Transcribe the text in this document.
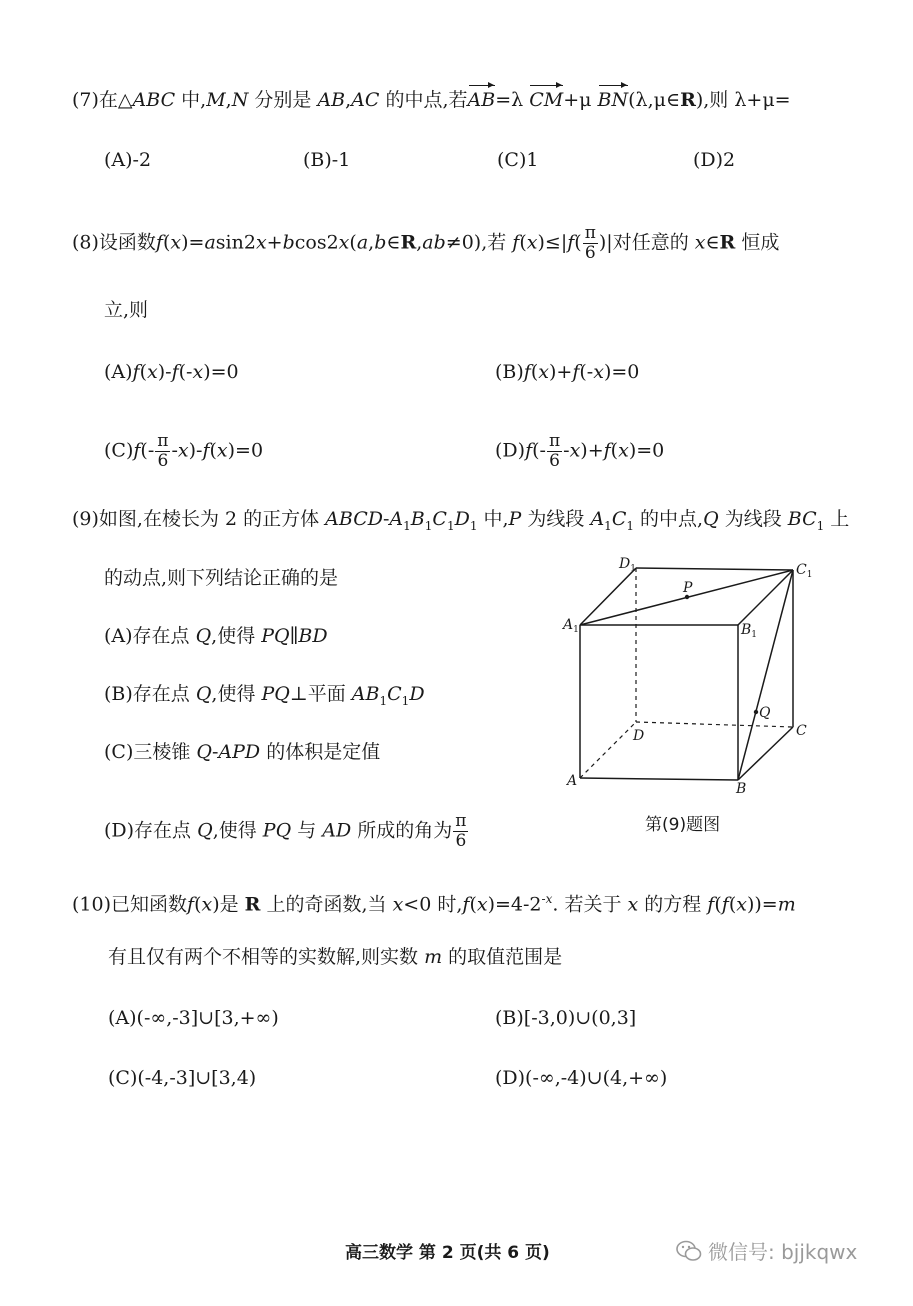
(7)在△ABC 中,M,N 分别是 AB,AC 的中点,若AB=λ CM+μ BN(λ,μ∈R),则 λ+μ=
(A)-2	(B)-1	(C)1	(D)2
(8)设函数f(x)=asin2x+bcos2x(a,b∈R,ab≠0),若 $f(x)\le|f( \frac{\pi}{6}$ )|对任意的 x∈R 恒成
立,则
(A)f(x)-f(-x)=0	(B)f(x)+f(-x)=0
$(C)f(- \frac{\pi}{6} -x)-f(x)=0$	$(D)f(- \frac{\pi}{6} -x)+f(x)=0$
(9)如图,在棱长为 2 的正方体 ABCD-$A_1B_1C_1D_1$ 中,P 为线段 $A_1C_1$ 的中点,Q 为线段 $BC_1$ 上
的动点,则下列结论正确的是
(A)存在点 Q,使得 PQ∥BD
(B)存在点 Q,使得 PQ⊥平面 $AB_1C_1D$
(C)三棱锥 Q-APD 的体积是定值
(D)存在点 Q,使得 PQ 与 AD 所成的角为 $\frac{\pi}{6}$
$D_1$	$C_1$
P
$A_1$	$B_1$
Q
D	C
A	B
第(9)题图
(10)已知函数f(x)是 R 上的奇函数,当 x<0 时$,f(x)=4-2^{-x}$. 若关于 x 的方程 f(f(x))=m
有且仅有两个不相等的实数解,则实数 m 的取值范围是
(A)(-∞,-3]∪[3,+∞)	(B)[-3,0)∪(0,3]
(C)(-4,-3]∪[3,4)	(D)(-∞,-4)∪(4,+∞)
高三数学 第 2 页(共 6 页)	微信号: bjjkqwx
